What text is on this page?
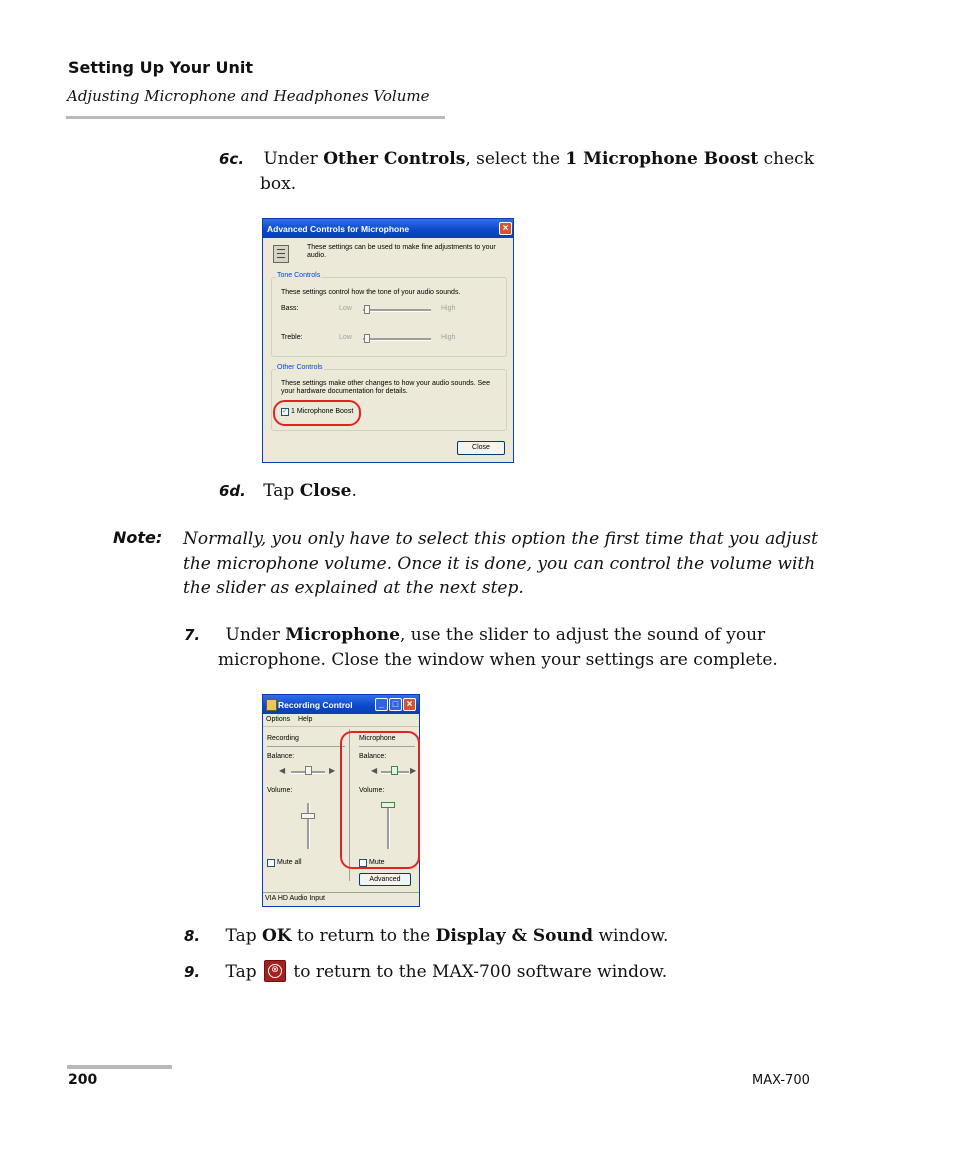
Setting Up Your Unit
Adjusting Microphone and Headphones Volume
6c. Under Other Controls, select the 1 Microphone Boost check
box.
Advanced Controls for Microphone	×
These settings can be used to make fine adjustments to your
audio.
Tone Controls
These settings control how the tone of your audio sounds.
Bass:	Low	High
Treble:	Low	High
Other Controls
These settings make other changes to how your audio sounds. See
your hardware documentation for details.
✓ 1 Microphone Boost
Close
6d. Tap Close.
Note: Normally, you only have to select this option the first time that you adjust
the microphone volume. Once it is done, you can control the volume with
the slider as explained at the next step.
7. Under Microphone, use the slider to adjust the sound of your
microphone. Close the window when your settings are complete.
Recording Control	_ □ ×
Options Help
Recording
Balance:
◀	▶
Volume:
Mute all
Microphone
Balance:
◀	▶
Volume:
Mute
Advanced
VIA HD Audio Input
8. Tap OK to return to the Display & Sound window.
9. Tap	⊗ to return to the MAX-700 software window.
200	MAX-700
